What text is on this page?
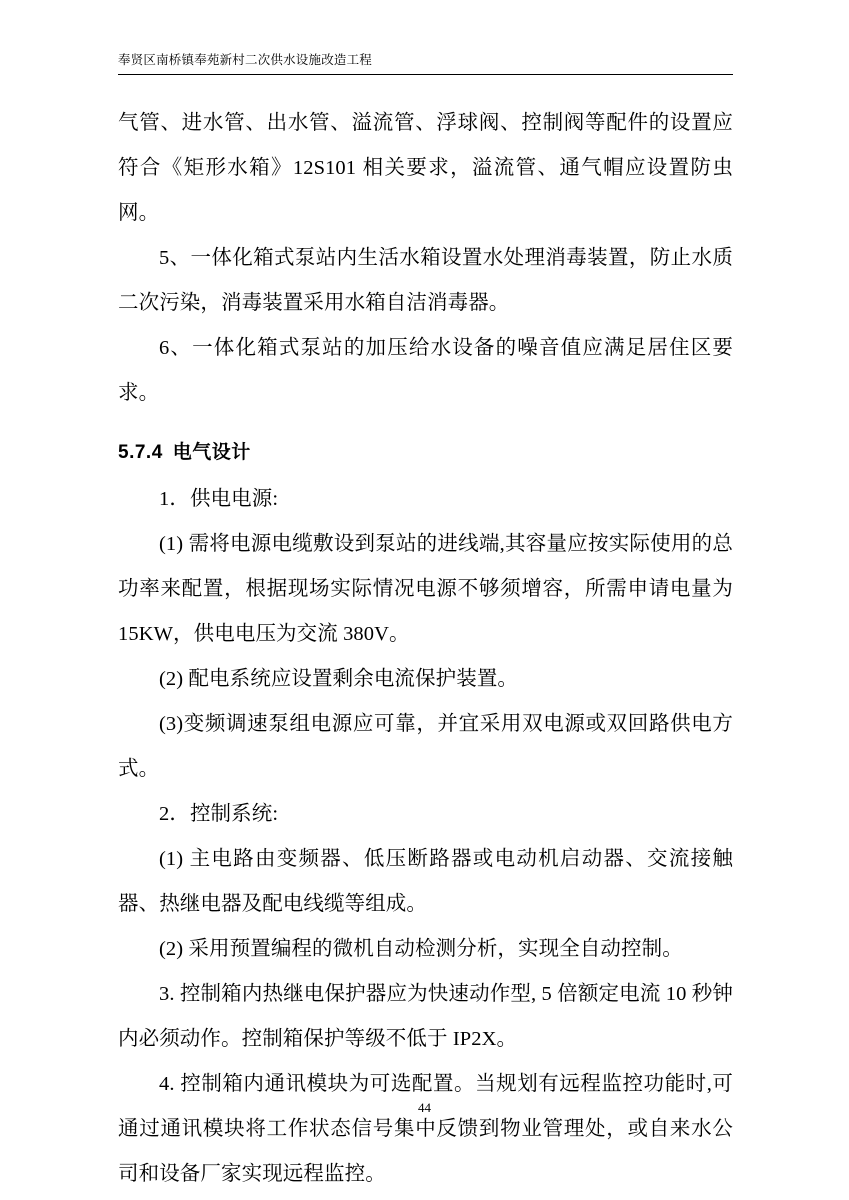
奉贤区南桥镇奉苑新村二次供水设施改造工程

气管、进水管、出水管、溢流管、浮球阀、控制阀等配件的设置应符合《矩形水箱》12S101 相关要求，溢流管、通气帽应设置防虫网。

5、一体化箱式泵站内生活水箱设置水处理消毒装置，防止水质二次污染，消毒装置采用水箱自洁消毒器。

6、一体化箱式泵站的加压给水设备的噪音值应满足居住区要求。

5.7.4 电气设计

1．供电电源:

(1) 需将电源电缆敷设到泵站的进线端,其容量应按实际使用的总功率来配置，根据现场实际情况电源不够须增容，所需申请电量为 15KW，供电电压为交流 380V。

(2) 配电系统应设置剩余电流保护装置。

(3)变频调速泵组电源应可靠，并宜采用双电源或双回路供电方式。

2．控制系统:

(1) 主电路由变频器、低压断路器或电动机启动器、交流接触器、热继电器及配电线缆等组成。

(2) 采用预置编程的微机自动检测分析，实现全自动控制。

3. 控制箱内热继电保护器应为快速动作型, 5 倍额定电流 10 秒钟内必须动作。控制箱保护等级不低于 IP2X。

4. 控制箱内通讯模块为可选配置。当规划有远程监控功能时,可通过通讯模块将工作状态信号集中反馈到物业管理处，或自来水公司和设备厂家实现远程监控。

44
